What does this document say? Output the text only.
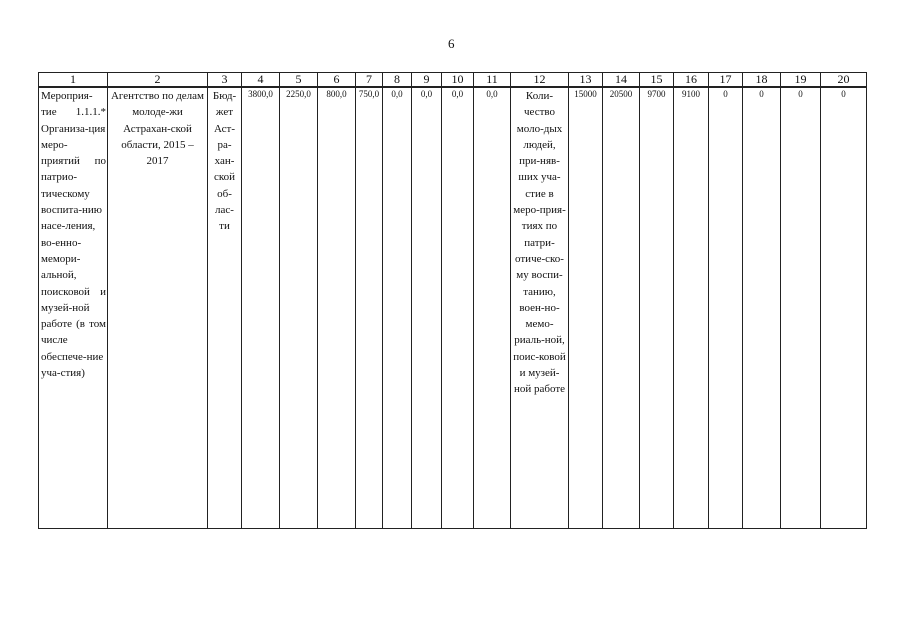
6
1	2	3	4	5	6	7	8	9	10	11	12	13	14	15	16	17	18	19	20
Мероприя-тие 1.1.1.* Организа-ция меро-приятий по патрио-тическому воспита-нию насе-ления, во-енно-мемори-альной, поисковой и музей-ной работе (в том числе обеспече-ние уча-стия)	Агентство по делам молоде-жи Астрахан-ской области, 2015 – 2017	Бюд-жет Аст-ра-хан-ской об-лас-ти	3800,0	2250,0	800,0	750,0	0,0	0,0	0,0	0,0	Коли-чество моло-дых людей, при-няв-ших уча-стие в меро-прия-тиях по патри-отиче-ско-му воспи-танию, воен-но-мемо-риаль-ной, поис-ковой и музей-ной работе	15000	20500	9700	9100	0	0	0	0
